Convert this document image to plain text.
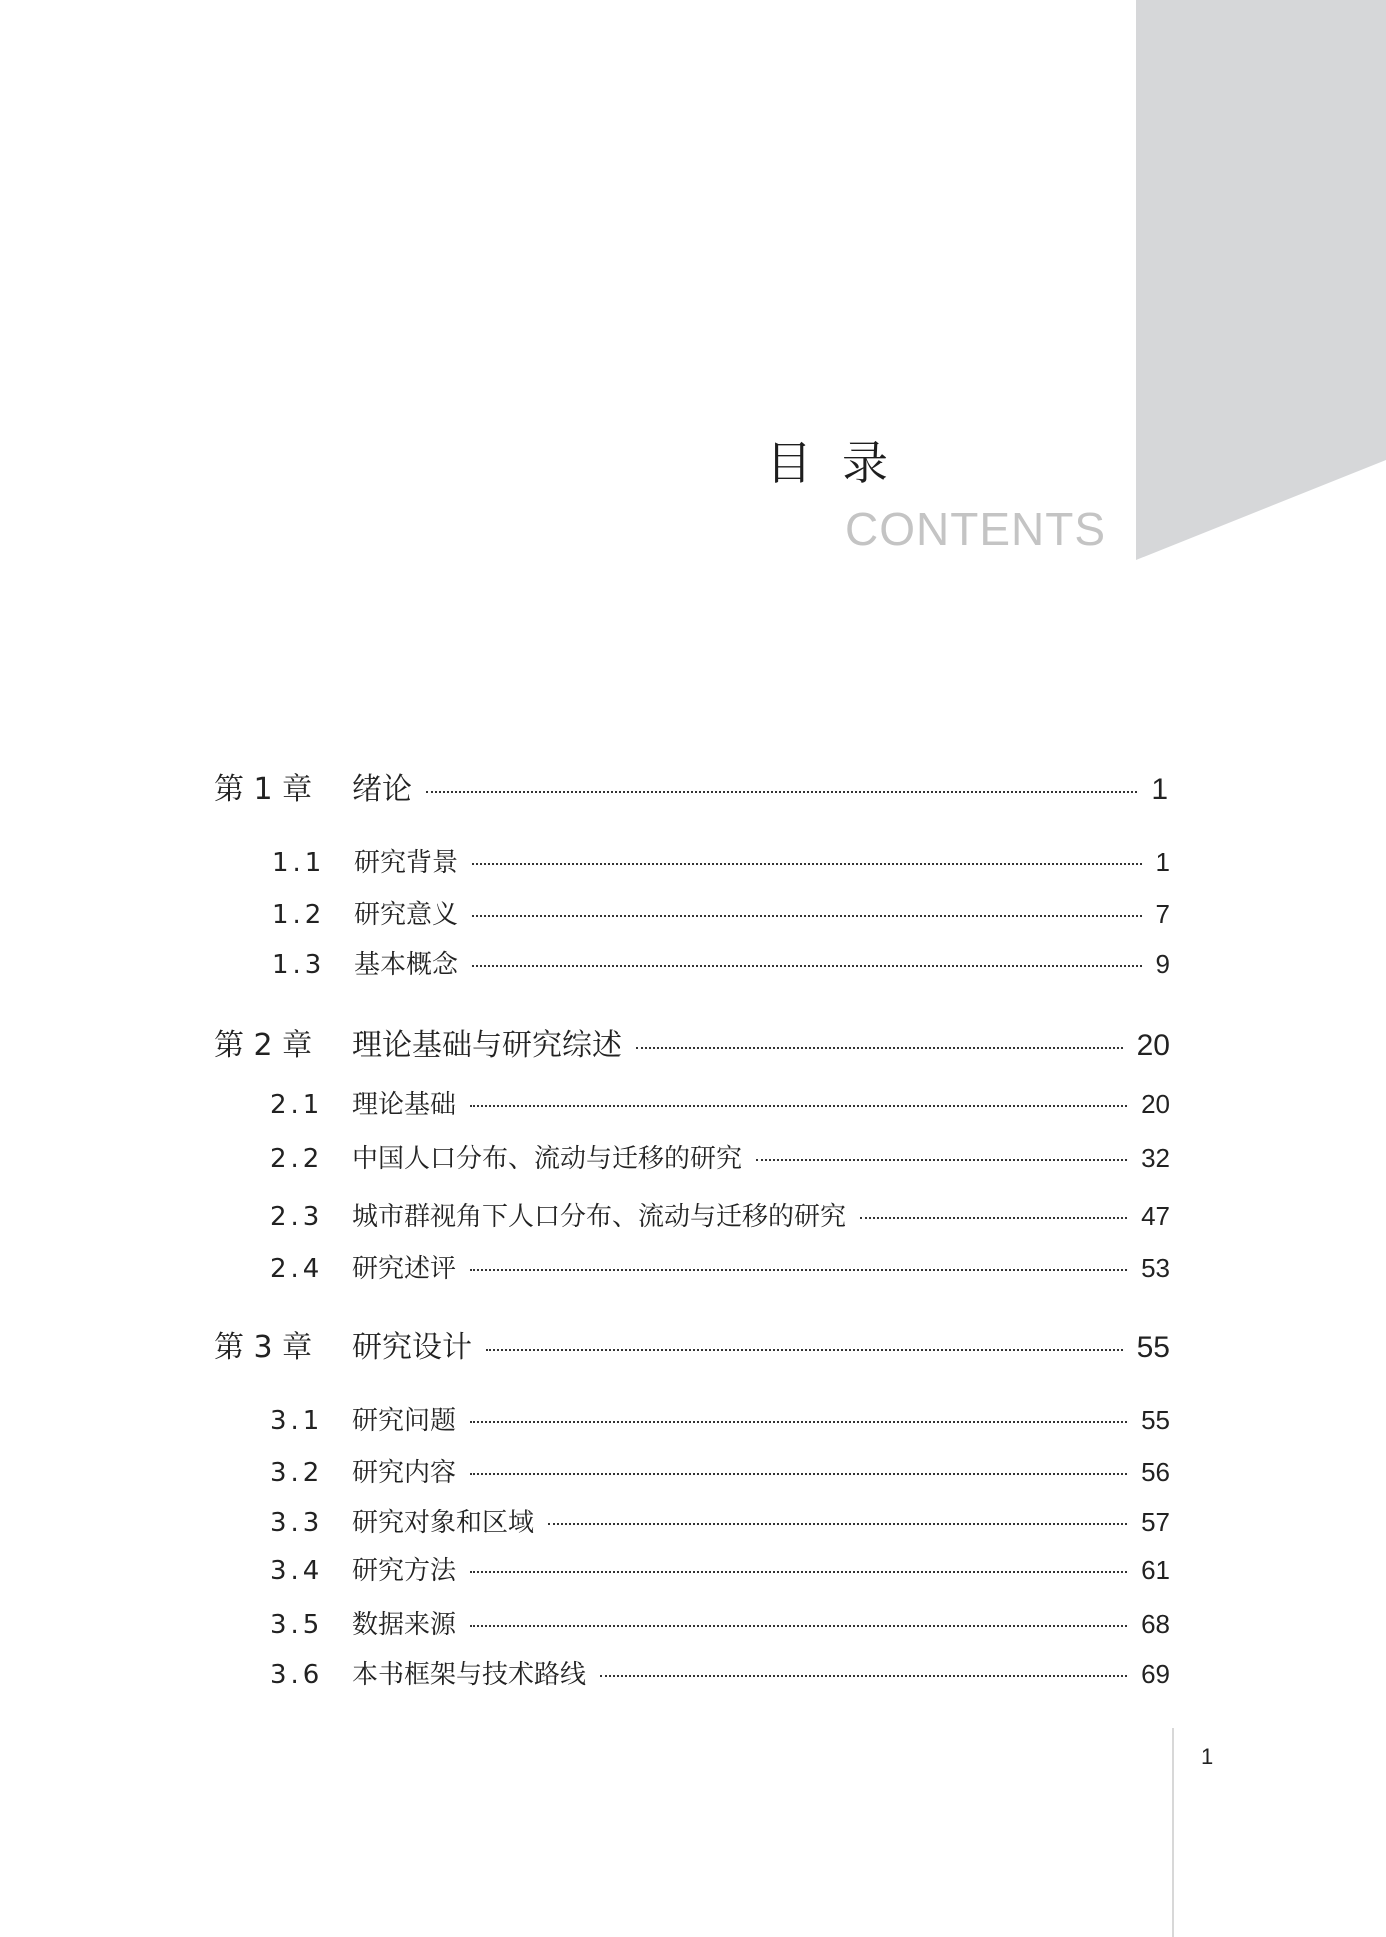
目录
CONTENTS
第 1 章	绪论	1
1.1	研究背景	1
1.2	研究意义	7
1.3	基本概念	9
第 2 章	理论基础与研究综述	20
2.1	理论基础	20
2.2	中国人口分布、流动与迁移的研究	32
2.3	城市群视角下人口分布、流动与迁移的研究	47
2.4	研究述评	53
第 3 章	研究设计	55
3.1	研究问题	55
3.2	研究内容	56
3.3	研究对象和区域	57
3.4	研究方法	61
3.5	数据来源	68
3.6	本书框架与技术路线	69
1
